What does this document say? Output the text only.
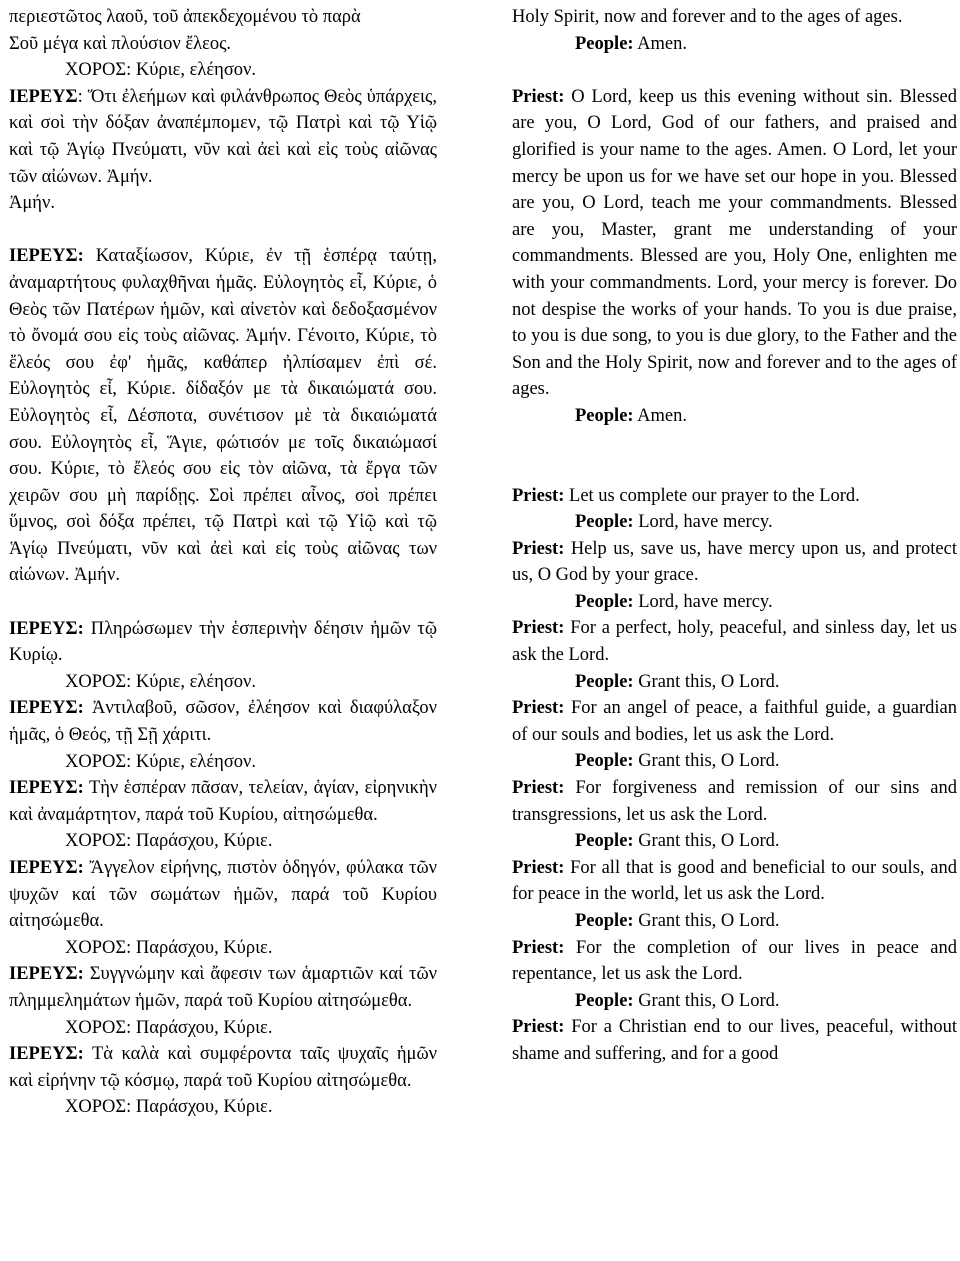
περιεστῶτος λαοῦ, τοῦ ἀπεκδεχομένου τὸ παρὰ

Σοῦ μέγα καὶ πλούσιον ἔλεος.

ΧΟΡΟΣ: Κύριε, ελέησον.

ΙΕΡΕΥΣ: Ὅτι ἐλεήμων καὶ φιλάνθρωπος Θεὸς ὑπάρχεις, καὶ σοὶ τὴν δόξαν ἀναπέμπομεν, τῷ Πατρὶ καὶ τῷ Υἱῷ καὶ τῷ Ἁγίῳ Πνεύματι, νῦν καὶ ἀεὶ καὶ εἰς τοὺς αἰῶνας τῶν αἰώνων. Ἀμήν.

Ἀμήν.

ΙΕΡΕΥΣ: Καταξίωσον, Κύριε, ἐν τῇ ἑσπέρᾳ ταύτῃ, ἀναμαρτήτους φυλαχθῆναι ἡμᾶς. Εὐλογητὸς εἶ, Κύριε, ὁ Θεὸς τῶν Πατέρων ἡμῶν, καὶ αἰνετὸν καὶ δεδοξασμένον τὸ ὄνομά σου εἰς τοὺς αἰῶνας. Ἀμήν. Γένοιτο, Κύριε, τὸ ἔλεός σου ἐφ' ἡμᾶς, καθάπερ ἠλπίσαμεν ἐπὶ σέ. Εὐλογητὸς εἶ, Κύριε. δίδαξόν με τὰ δικαιώματά σου. Εὐλογητὸς εἶ, Δέσποτα, συνέτισον μὲ τὰ δικαιώματά σου. Εὐλογητὸς εἶ, Ἅγιε, φώτισόν με τοῖς δικαιώμασί σου. Κύριε, τὸ ἔλεός σου εἰς τὸν αἰῶνα, τὰ ἔργα τῶν χειρῶν σου μὴ παρίδῃς. Σοὶ πρέπει αἶνος, σοὶ πρέπει ὕμνος, σοὶ δόξα πρέπει, τῷ Πατρὶ καὶ τῷ Υἱῷ καὶ τῷ Ἁγίῳ Πνεύματι, νῦν καὶ ἀεὶ καὶ εἰς τοὺς αἰῶνας των αἰώνων. Ἀμήν.

ΙΕΡΕΥΣ: Πληρώσωμεν τὴν ἑσπερινὴν δέησιν ἡμῶν τῷ Κυρίῳ.

ΧΟΡΟΣ: Κύριε, ελέησον.

ΙΕΡΕΥΣ: Ἀντιλαβοῦ, σῶσον, ἐλέησον καὶ διαφύλαξον ἡμᾶς, ὁ Θεός, τῇ Σῇ χάριτι.

ΧΟΡΟΣ: Κύριε, ελέησον.

ΙΕΡΕΥΣ: Τὴν ἑσπέραν πᾶσαν, τελείαν, ἁγίαν, εἰρηνικὴν καὶ ἀναμάρτητον, παρά τοῦ Κυρίου, αἰτησώμεθα.

ΧΟΡΟΣ: Παράσχου, Κύριε.

ΙΕΡΕΥΣ: Ἄγγελον εἰρήνης, πιστὸν ὁδηγόν, φύλακα τῶν ψυχῶν καί τῶν σωμάτων ἡμῶν, παρά τοῦ Κυρίου αἰτησώμεθα.

ΧΟΡΟΣ: Παράσχου, Κύριε.

ΙΕΡΕΥΣ: Συγγνώμην καὶ ἄφεσιν των ἁμαρτιῶν καί τῶν πλημμελημάτων ἡμῶν, παρά τοῦ Κυρίου αἰτησώμεθα.

ΧΟΡΟΣ: Παράσχου, Κύριε.

ΙΕΡΕΥΣ: Τὰ καλὰ καὶ συμφέροντα ταῖς ψυχαῖς ἡμῶν καὶ εἰρήνην τῷ κόσμῳ, παρά τοῦ Κυρίου αἰτησώμεθα.

ΧΟΡΟΣ: Παράσχου, Κύριε.

Holy Spirit, now and forever and to the ages of ages.

People: Amen.

Priest: O Lord, keep us this evening without sin. Blessed are you, O Lord, God of our fathers, and praised and glorified is your name to the ages. Amen. O Lord, let your mercy be upon us for we have set our hope in you. Blessed are you, O Lord, teach me your commandments. Blessed are you, Master, grant me understanding of your commandments. Blessed are you, Holy One, enlighten me with your commandments. Lord, your mercy is forever. Do not despise the works of your hands. To you is due praise, to you is due song, to you is due glory, to the Father and the Son and the Holy Spirit, now and forever and to the ages of ages.

People: Amen.

Priest: Let us complete our prayer to the Lord.

People: Lord, have mercy.

Priest: Help us, save us, have mercy upon us, and protect us, O God by your grace.

People: Lord, have mercy.

Priest: For a perfect, holy, peaceful, and sinless day, let us ask the Lord.

People: Grant this, O Lord.

Priest: For an angel of peace, a faithful guide, a guardian of our souls and bodies, let us ask the Lord.

People: Grant this, O Lord.

Priest: For forgiveness and remission of our sins and transgressions, let us ask the Lord.

People: Grant this, O Lord.

Priest: For all that is good and beneficial to our souls, and for peace in the world, let us ask the Lord.

People: Grant this, O Lord.

Priest: For the completion of our lives in peace and repentance, let us ask the Lord.

People: Grant this, O Lord.

Priest: For a Christian end to our lives, peaceful, without shame and suffering, and for a good
